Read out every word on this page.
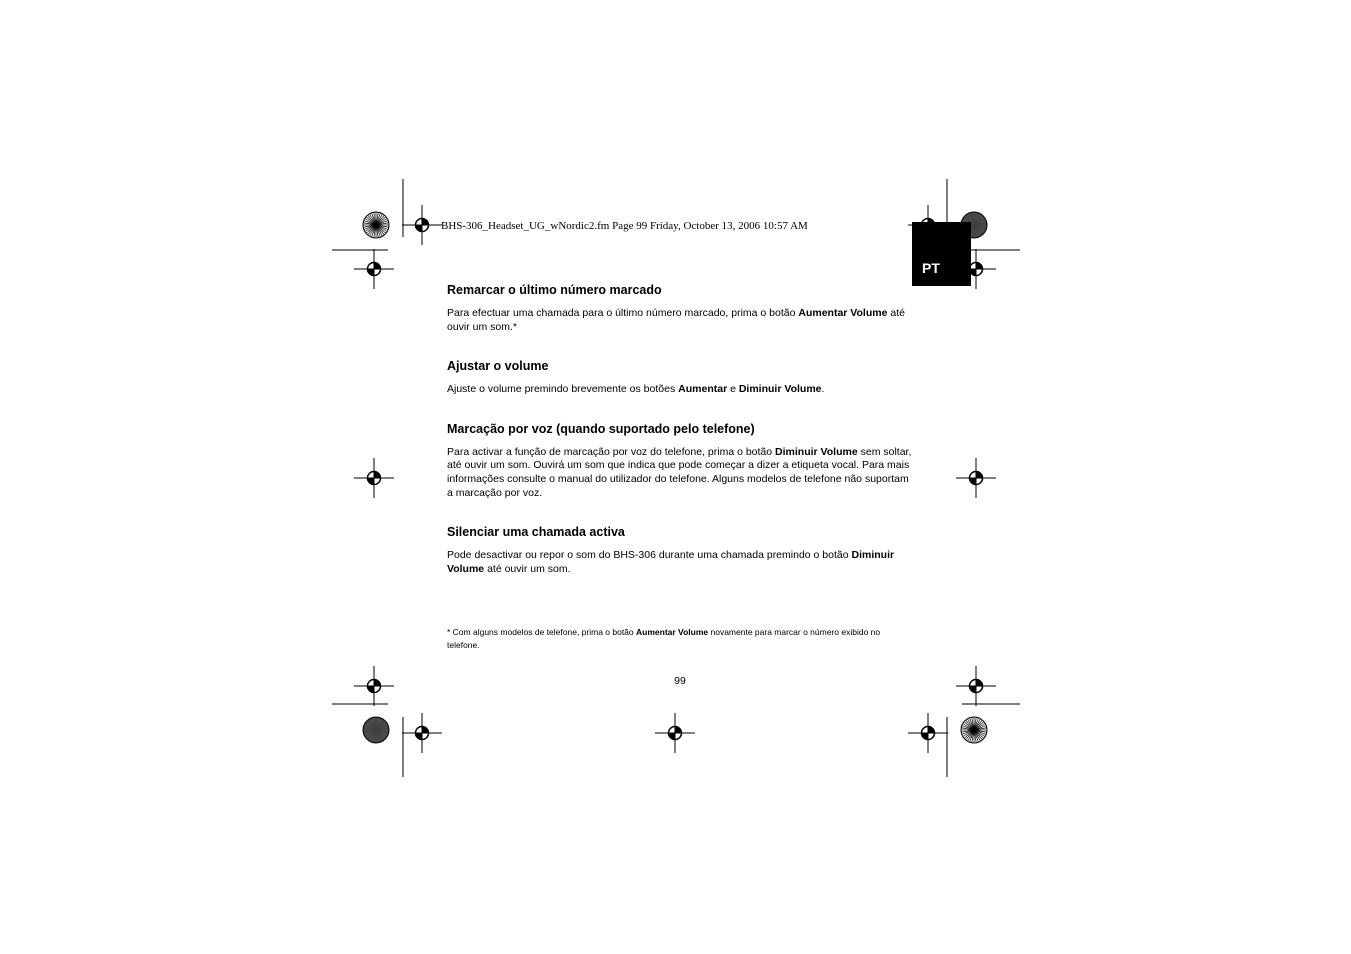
BHS-306_Headset_UG_wNordic2.fm Page 99 Friday, October 13, 2006 10:57 AM
PT
Remarcar o último número marcado

Para efectuar uma chamada para o último número marcado, prima o botão Aumentar Volume até ouvir um som.*

Ajustar o volume

Ajuste o volume premindo brevemente os botões Aumentar e Diminuir Volume.

Marcação por voz (quando suportado pelo telefone)

Para activar a função de marcação por voz do telefone, prima o botão Diminuir Volume sem soltar, até ouvir um som. Ouvirá um som que indica que pode começar a dizer a etiqueta vocal. Para mais informações consulte o manual do utilizador do telefone. Alguns modelos de telefone não suportam a marcação por voz.

Silenciar uma chamada activa

Pode desactivar ou repor o som do BHS-306 durante uma chamada premindo o botão Diminuir Volume até ouvir um som.

* Com alguns modelos de telefone, prima o botão Aumentar Volume novamente para marcar o número exibido no telefone.
99
